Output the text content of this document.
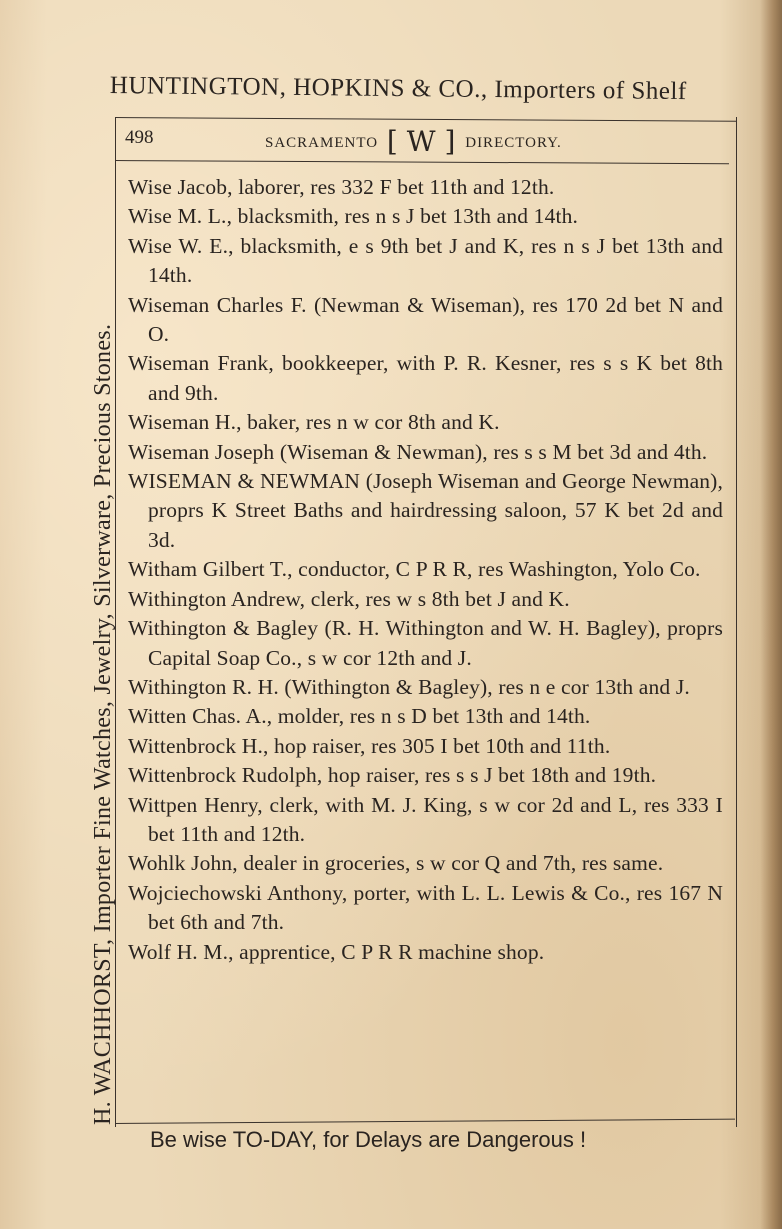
HUNTINGTON, HOPKINS & CO., Importers of Shelf
H. WACHHORST, Importer Fine Watches, Jewelry, Silverware, Precious Stones.
498	SACRAMENTO [ W ] DIRECTORY.
Wise Jacob, laborer, res 332 F bet 11th and 12th.
Wise M. L., blacksmith, res n s J bet 13th and 14th.
Wise W. E., blacksmith, e s 9th bet J and K, res n s J bet 13th and 14th.
Wiseman Charles F. (Newman & Wiseman), res 170 2d bet N and O.
Wiseman Frank, bookkeeper, with P. R. Kesner, res s s K bet 8th and 9th.
Wiseman H., baker, res n w cor 8th and K.
Wiseman Joseph (Wiseman & Newman), res s s M bet 3d and 4th.
WISEMAN & NEWMAN (Joseph Wiseman and George Newman), proprs K Street Baths and hairdressing saloon, 57 K bet 2d and 3d.
Witham Gilbert T., conductor, C P R R, res Washington, Yolo Co.
Withington Andrew, clerk, res w s 8th bet J and K.
Withington & Bagley (R. H. Withington and W. H. Bagley), proprs Capital Soap Co., s w cor 12th and J.
Withington R. H. (Withington & Bagley), res n e cor 13th and J.
Witten Chas. A., molder, res n s D bet 13th and 14th.
Wittenbrock H., hop raiser, res 305 I bet 10th and 11th.
Wittenbrock Rudolph, hop raiser, res s s J bet 18th and 19th.
Wittpen Henry, clerk, with M. J. King, s w cor 2d and L, res 333 I bet 11th and 12th.
Wohlk John, dealer in groceries, s w cor Q and 7th, res same.
Wojciechowski Anthony, porter, with L. L. Lewis & Co., res 167 N bet 6th and 7th.
Wolf H. M., apprentice, C P R R machine shop.
Be wise TO-DAY, for Delays are Dangerous !
